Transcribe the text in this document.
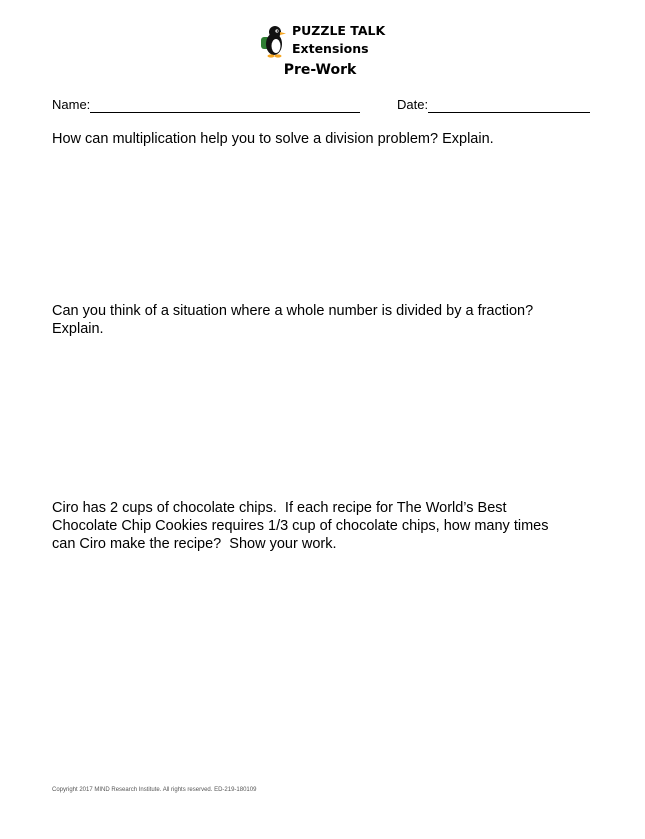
PUZZLE TALK
Extensions
Pre-Work
Name:	Date:
How can multiplication help you to solve a division problem? Explain.
Can you think of a situation where a whole number is divided by a fraction?
Explain.
Ciro has 2 cups of chocolate chips.  If each recipe for The World’s Best
Chocolate Chip Cookies requires 1/3 cup of chocolate chips, how many times
can Ciro make the recipe?  Show your work.
Copyright 2017 MIND Research Institute. All rights reserved. ED-219-180109
